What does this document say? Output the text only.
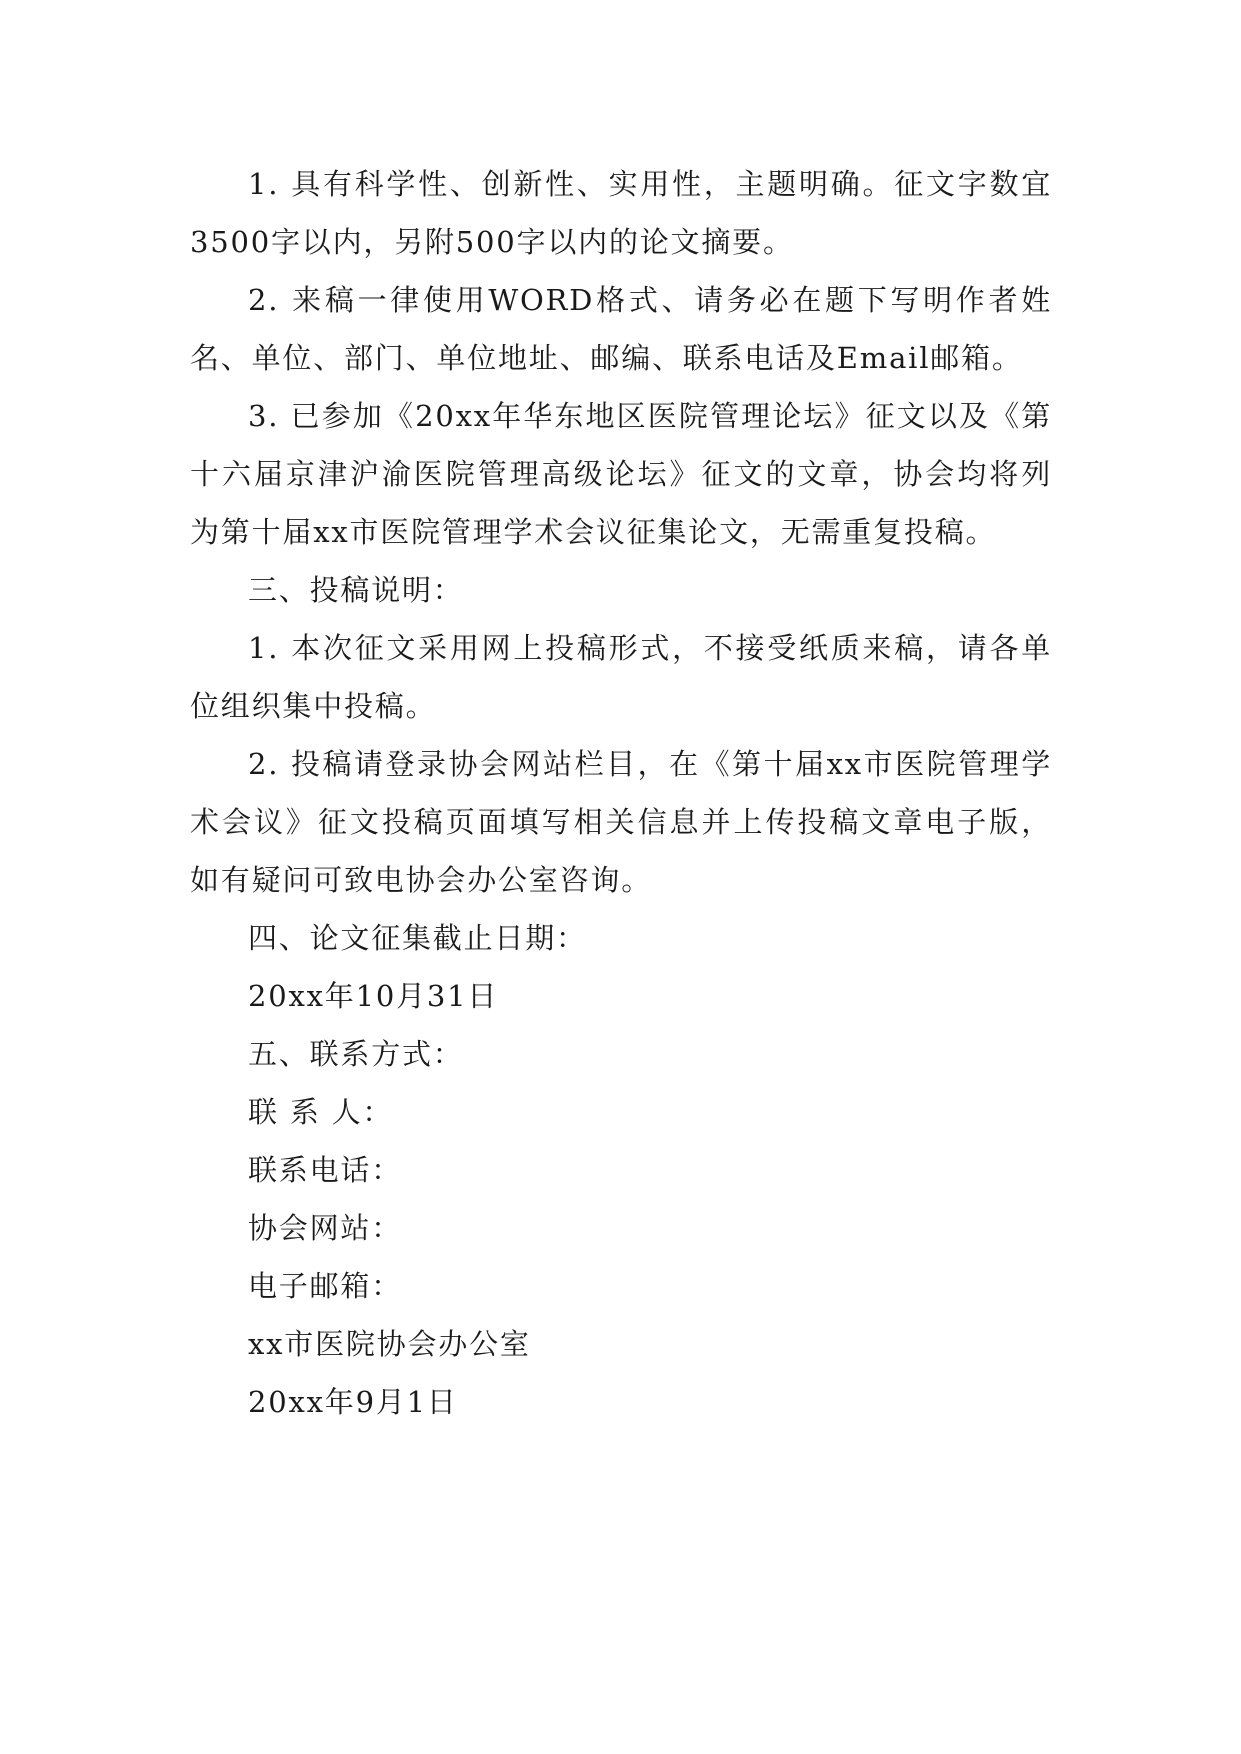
1. 具有科学性、创新性、实用性，主题明确。征文字数宜3500字以内，另附500字以内的论文摘要。

2. 来稿一律使用WORD格式、请务必在题下写明作者姓名、单位、部门、单位地址、邮编、联系电话及Email邮箱。

3. 已参加《20xx年华东地区医院管理论坛》征文以及《第十六届京津沪渝医院管理高级论坛》征文的文章，协会均将列为第十届xx市医院管理学术会议征集论文，无需重复投稿。

三、投稿说明：

1. 本次征文采用网上投稿形式，不接受纸质来稿，请各单位组织集中投稿。

2. 投稿请登录协会网站栏目，在《第十届xx市医院管理学术会议》征文投稿页面填写相关信息并上传投稿文章电子版，如有疑问可致电协会办公室咨询。

四、论文征集截止日期：

20xx年10月31日

五、联系方式：

联 系 人：

联系电话：

协会网站：

电子邮箱：

xx市医院协会办公室

20xx年9月1日
